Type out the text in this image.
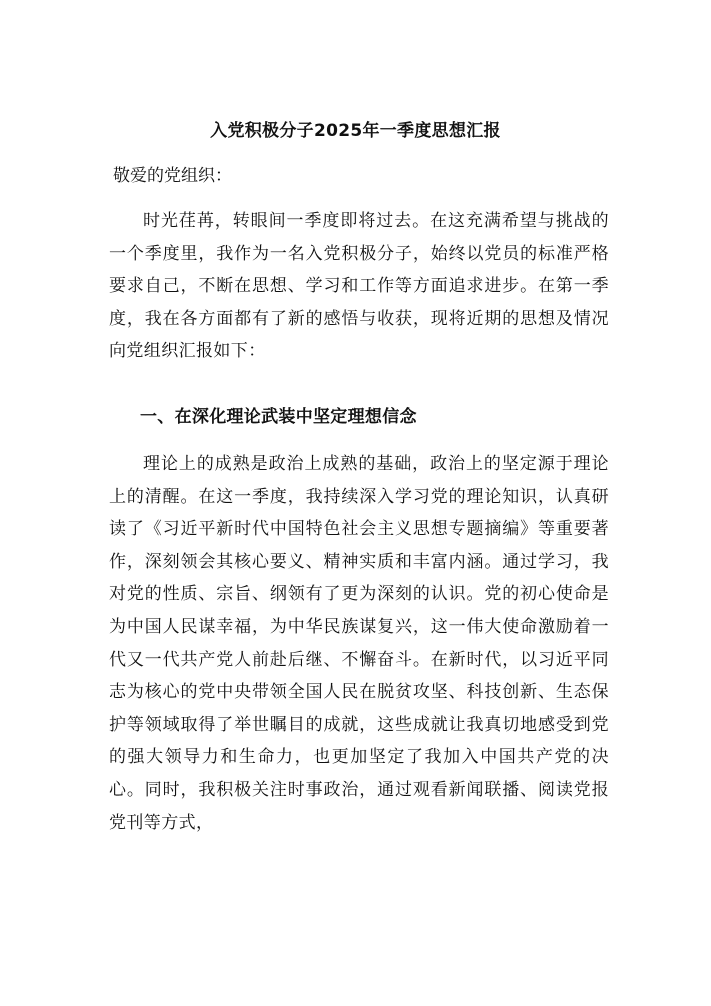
入党积极分子2025年一季度思想汇报
敬爱的党组织：
时光荏苒，转眼间一季度即将过去。在这充满希望与挑战的一个季度里，我作为一名入党积极分子，始终以党员的标准严格要求自己，不断在思想、学习和工作等方面追求进步。在第一季度，我在各方面都有了新的感悟与收获，现将近期的思想及情况向党组织汇报如下：
一、在深化理论武装中坚定理想信念
理论上的成熟是政治上成熟的基础，政治上的坚定源于理论上的清醒。在这一季度，我持续深入学习党的理论知识，认真研读了《习近平新时代中国特色社会主义思想专题摘编》等重要著作，深刻领会其核心要义、精神实质和丰富内涵。通过学习，我对党的性质、宗旨、纲领有了更为深刻的认识。党的初心使命是为中国人民谋幸福，为中华民族谋复兴，这一伟大使命激励着一代又一代共产党人前赴后继、不懈奋斗。在新时代，以习近平同志为核心的党中央带领全国人民在脱贫攻坚、科技创新、生态保护等领域取得了举世瞩目的成就，这些成就让我真切地感受到党的强大领导力和生命力，也更加坚定了我加入中国共产党的决心。同时，我积极关注时事政治，通过观看新闻联播、阅读党报党刊等方式，
